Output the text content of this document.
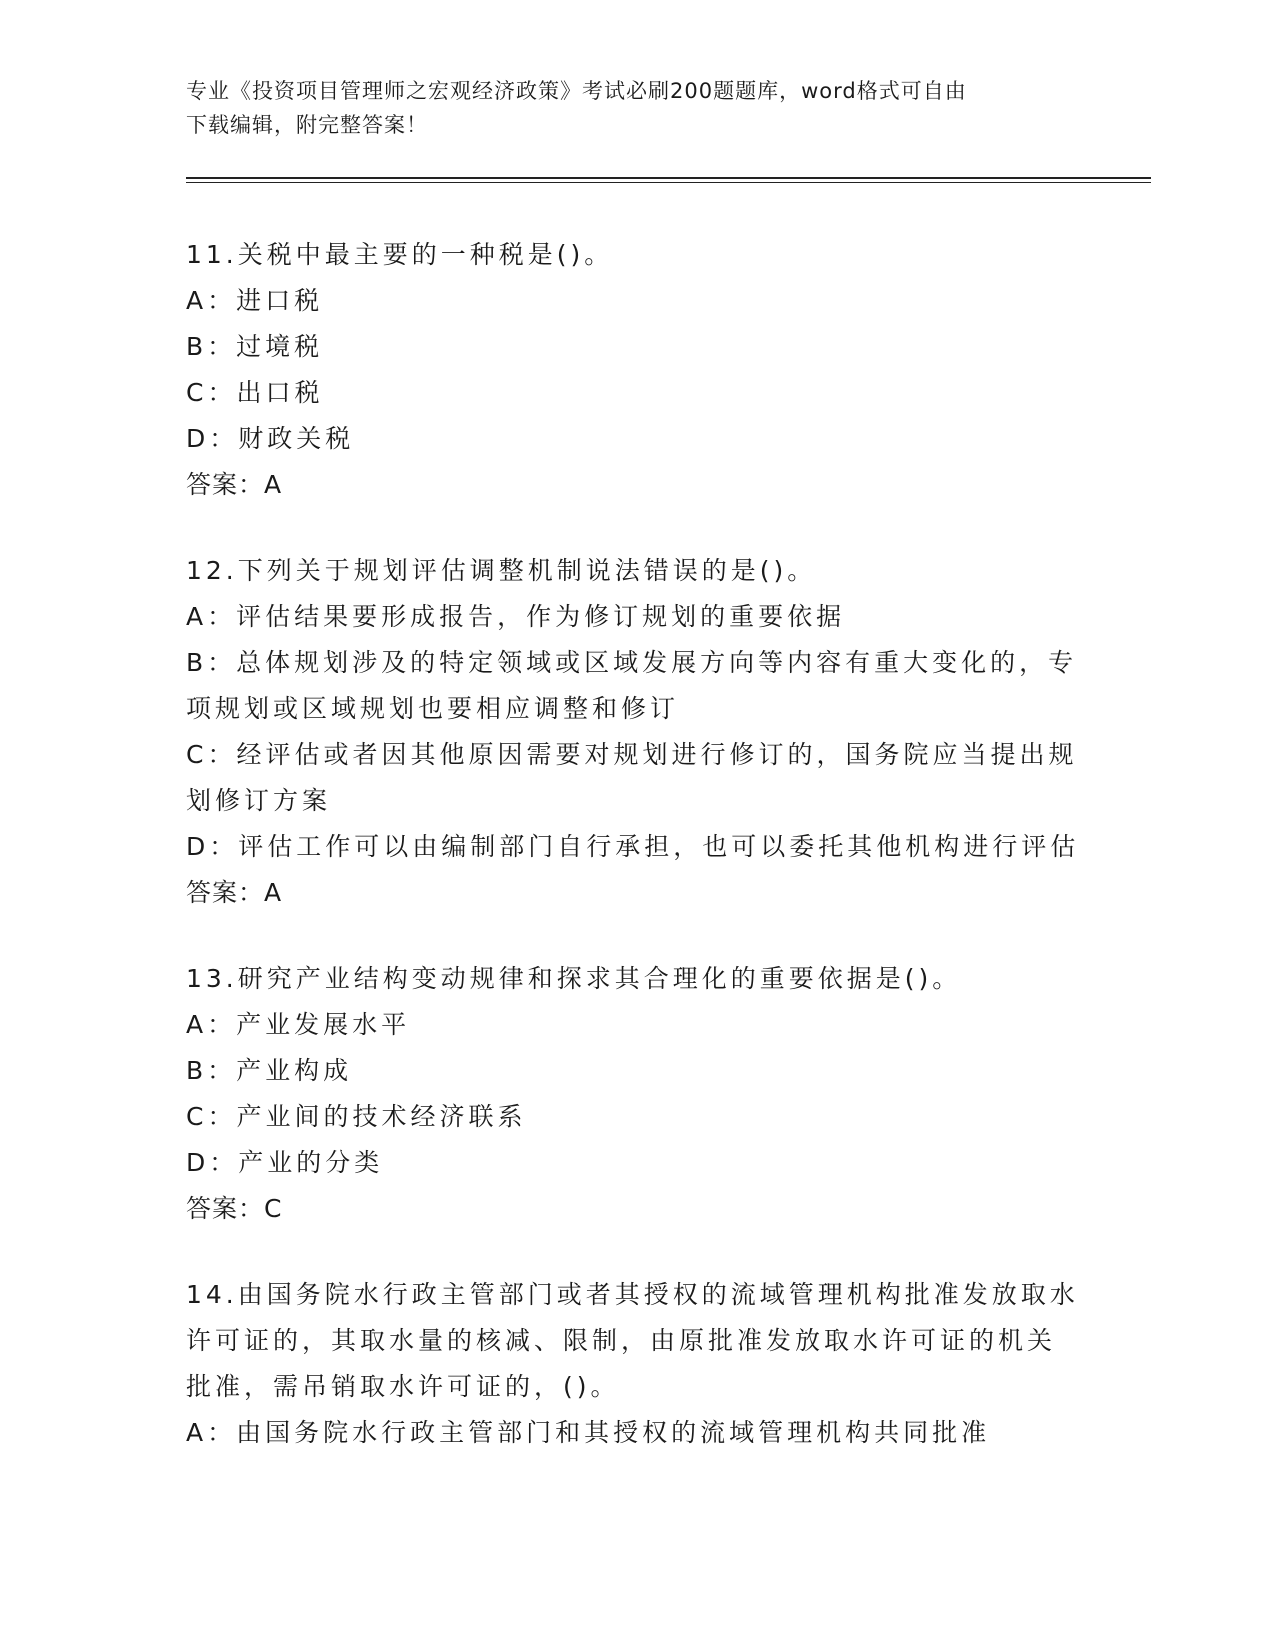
专业《投资项目管理师之宏观经济政策》考试必刷200题题库，word格式可自由
下载编辑，附完整答案！
11.关税中最主要的一种税是()。
A：进口税
B：过境税
C：出口税
D：财政关税
答案：A
12.下列关于规划评估调整机制说法错误的是()。
A：评估结果要形成报告，作为修订规划的重要依据
B：总体规划涉及的特定领域或区域发展方向等内容有重大变化的，专
项规划或区域规划也要相应调整和修订
C：经评估或者因其他原因需要对规划进行修订的，国务院应当提出规
划修订方案
D：评估工作可以由编制部门自行承担，也可以委托其他机构进行评估
答案：A
13.研究产业结构变动规律和探求其合理化的重要依据是()。
A：产业发展水平
B：产业构成
C：产业间的技术经济联系
D：产业的分类
答案：C
14.由国务院水行政主管部门或者其授权的流域管理机构批准发放取水
许可证的，其取水量的核减、限制，由原批准发放取水许可证的机关
批准，需吊销取水许可证的，()。
A：由国务院水行政主管部门和其授权的流域管理机构共同批准
